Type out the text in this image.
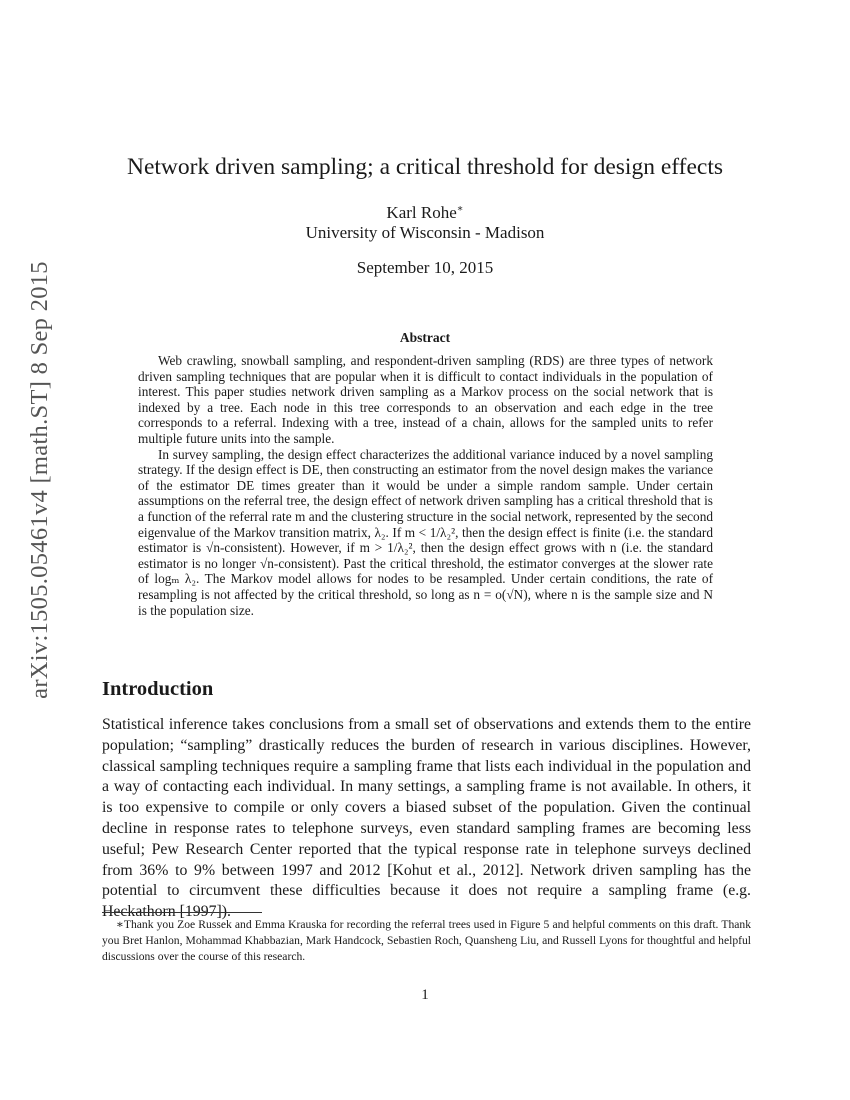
arXiv:1505.05461v4 [math.ST] 8 Sep 2015
Network driven sampling; a critical threshold for design effects
Karl Rohe∗
University of Wisconsin - Madison
September 10, 2015
Abstract

Web crawling, snowball sampling, and respondent-driven sampling (RDS) are three types of network driven sampling techniques that are popular when it is difficult to contact individuals in the population of interest. This paper studies network driven sampling as a Markov process on the social network that is indexed by a tree. Each node in this tree corresponds to an observation and each edge in the tree corresponds to a referral. Indexing with a tree, instead of a chain, allows for the sampled units to refer multiple future units into the sample.

In survey sampling, the design effect characterizes the additional variance induced by a novel sampling strategy. If the design effect is DE, then constructing an estimator from the novel design makes the variance of the estimator DE times greater than it would be under a simple random sample. Under certain assumptions on the referral tree, the design effect of network driven sampling has a critical threshold that is a function of the referral rate m and the clustering structure in the social network, represented by the second eigenvalue of the Markov transition matrix, λ₂. If m < 1/λ₂², then the design effect is finite (i.e. the standard estimator is √n-consistent). However, if m > 1/λ₂², then the design effect grows with n (i.e. the standard estimator is no longer √n-consistent). Past the critical threshold, the estimator converges at the slower rate of logₘ λ₂. The Markov model allows for nodes to be resampled. Under certain conditions, the rate of resampling is not affected by the critical threshold, so long as n = o(√N), where n is the sample size and N is the population size.

Introduction

Statistical inference takes conclusions from a small set of observations and extends them to the entire population; “sampling” drastically reduces the burden of research in various disciplines. However, classical sampling techniques require a sampling frame that lists each individual in the population and a way of contacting each individual. In many settings, a sampling frame is not available. In others, it is too expensive to compile or only covers a biased subset of the population. Given the continual decline in response rates to telephone surveys, even standard sampling frames are becoming less useful; Pew Research Center reported that the typical response rate in telephone surveys declined from 36% to 9% between 1997 and 2012 [Kohut et al., 2012]. Network driven sampling has the potential to circumvent these difficulties because it does not require a sampling frame (e.g. Heckathorn [1997]).

∗Thank you Zoe Russek and Emma Krauska for recording the referral trees used in Figure 5 and helpful comments on this draft. Thank you Bret Hanlon, Mohammad Khabbazian, Mark Handcock, Sebastien Roch, Quansheng Liu, and Russell Lyons for thoughtful and helpful discussions over the course of this research.

1
